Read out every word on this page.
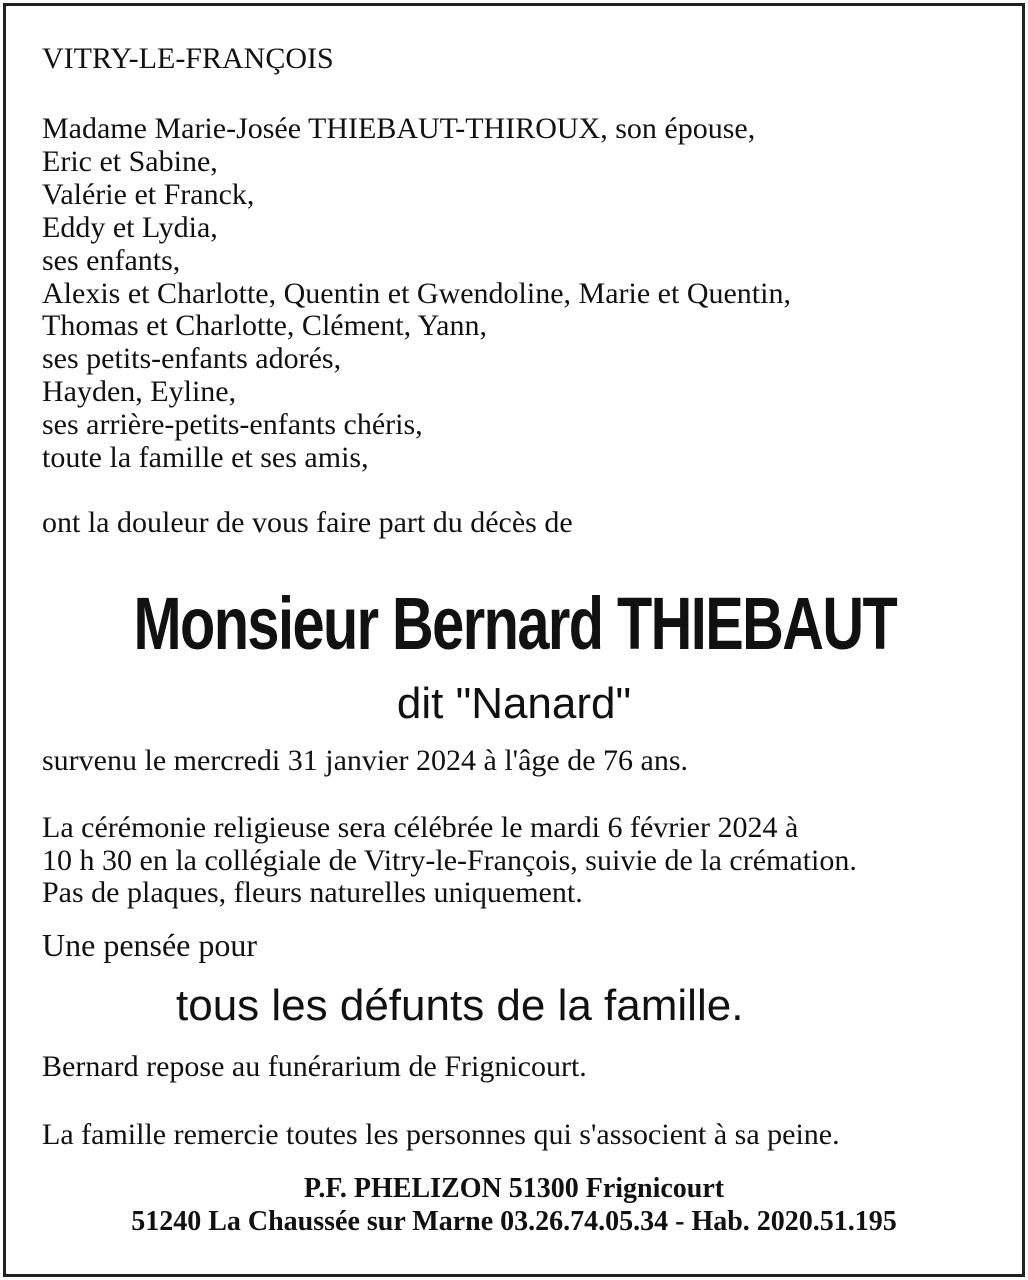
VITRY-LE-FRANÇOIS
Madame Marie-Josée THIEBAUT-THIROUX, son épouse,
Eric et Sabine,
Valérie et Franck,
Eddy et Lydia,
ses enfants,
Alexis et Charlotte, Quentin et Gwendoline, Marie et Quentin,
Thomas et Charlotte, Clément, Yann,
ses petits-enfants adorés,
Hayden, Eyline,
ses arrière-petits-enfants chéris,
toute la famille et ses amis,
ont la douleur de vous faire part du décès de
Monsieur Bernard THIEBAUT
dit "Nanard"
survenu le mercredi 31 janvier 2024 à l'âge de 76 ans.
La cérémonie religieuse sera célébrée le mardi 6 février 2024 à
10 h 30 en la collégiale de Vitry-le-François, suivie de la crémation.
Pas de plaques, fleurs naturelles uniquement.
Une pensée pour
tous les défunts de la famille.
Bernard repose au funérarium de Frignicourt.
La famille remercie toutes les personnes qui s'associent à sa peine.
P.F. PHELIZON 51300 Frignicourt
51240 La Chaussée sur Marne 03.26.74.05.34 - Hab. 2020.51.195
